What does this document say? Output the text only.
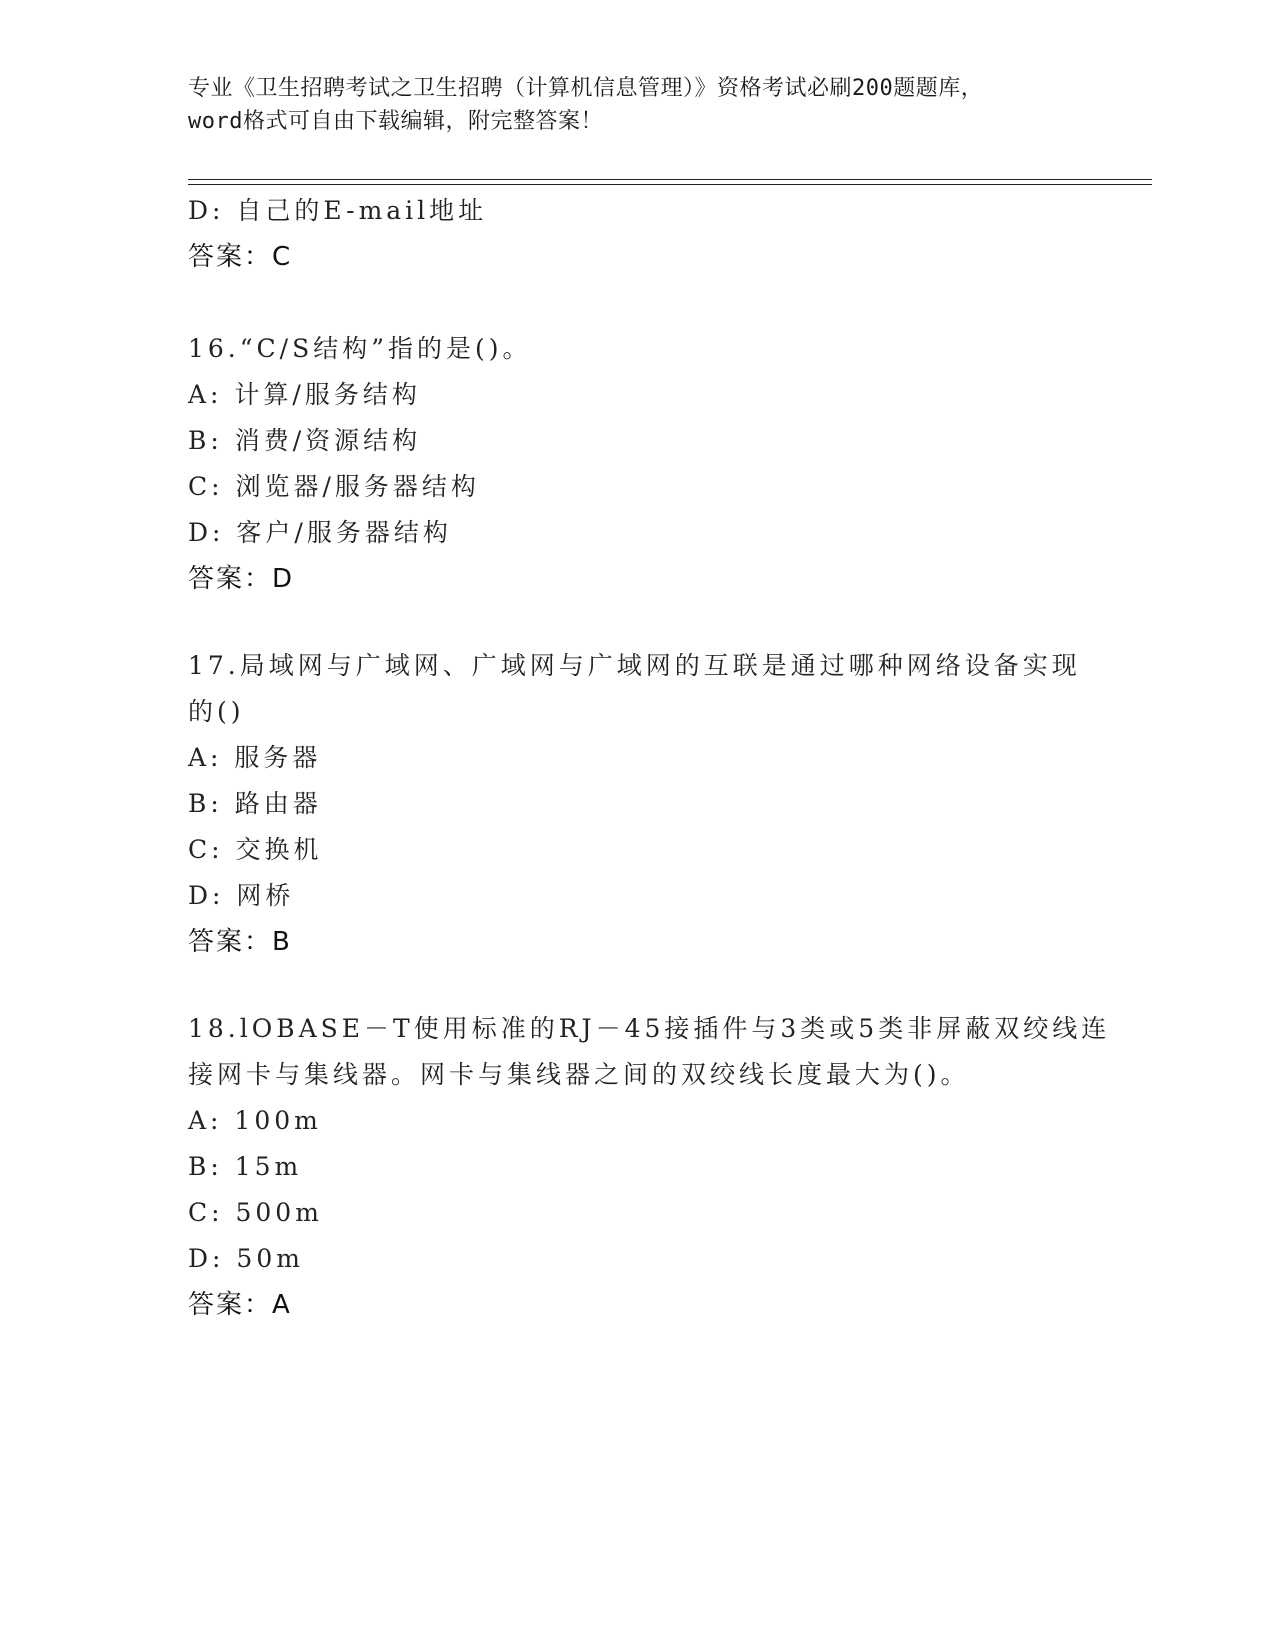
专业《卫生招聘考试之卫生招聘（计算机信息管理）》资格考试必刷200题题库，
word格式可自由下载编辑，附完整答案！
D: 自己的E-mail地址
答案：C
16.“C/S结构”指的是()。
A: 计算/服务结构
B: 消费/资源结构
C: 浏览器/服务器结构
D: 客户/服务器结构
答案：D
17.局域网与广域网、广域网与广域网的互联是通过哪种网络设备实现
的()
A: 服务器
B: 路由器
C: 交换机
D: 网桥
答案：B
18.lOBASE－T使用标准的RJ－45接插件与3类或5类非屏蔽双绞线连
接网卡与集线器。网卡与集线器之间的双绞线长度最大为()。
A: 100m
B: 15m
C: 500m
D: 50m
答案：A
